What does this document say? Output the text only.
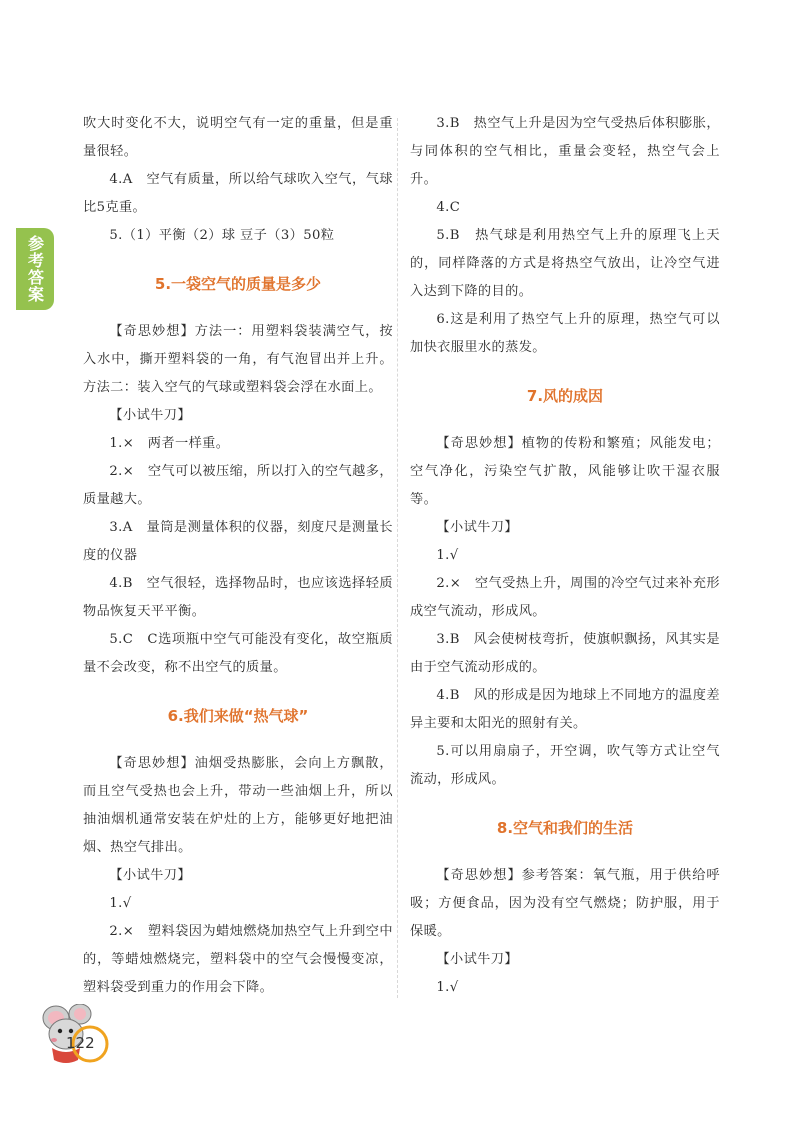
参考答案

吹大时变化不大，说明空气有一定的重量，但是重量很轻。

4.A　空气有质量，所以给气球吹入空气，气球比5克重。

5.（1）平衡（2）球 豆子（3）50粒

5.一袋空气的质量是多少

【奇思妙想】方法一：用塑料袋装满空气，按入水中，撕开塑料袋的一角，有气泡冒出并上升。方法二：装入空气的气球或塑料袋会浮在水面上。

【小试牛刀】

1.×　两者一样重。

2.×　空气可以被压缩，所以打入的空气越多，质量越大。

3.A　量筒是测量体积的仪器，刻度尺是测量长度的仪器

4.B　空气很轻，选择物品时，也应该选择轻质物品恢复天平平衡。

5.C　C选项瓶中空气可能没有变化，故空瓶质量不会改变，称不出空气的质量。

6.我们来做“热气球”

【奇思妙想】油烟受热膨胀，会向上方飘散，而且空气受热也会上升，带动一些油烟上升，所以抽油烟机通常安装在炉灶的上方，能够更好地把油烟、热空气排出。

【小试牛刀】

1.√

2.×　塑料袋因为蜡烛燃烧加热空气上升到空中的，等蜡烛燃烧完，塑料袋中的空气会慢慢变凉，塑料袋受到重力的作用会下降。

3.B　热空气上升是因为空气受热后体积膨胀，与同体积的空气相比，重量会变轻，热空气会上升。

4.C

5.B　热气球是利用热空气上升的原理飞上天的，同样降落的方式是将热空气放出，让冷空气进入达到下降的目的。

6.这是利用了热空气上升的原理，热空气可以加快衣服里水的蒸发。

7.风的成因

【奇思妙想】植物的传粉和繁殖；风能发电；空气净化，污染空气扩散，风能够让吹干湿衣服等。

【小试牛刀】

1.√

2.×　空气受热上升，周围的冷空气过来补充形成空气流动，形成风。

3.B　风会使树枝弯折，使旗帜飘扬，风其实是由于空气流动形成的。

4.B　风的形成是因为地球上不同地方的温度差异主要和太阳光的照射有关。

5.可以用扇扇子，开空调，吹气等方式让空气流动，形成风。

8.空气和我们的生活

【奇思妙想】参考答案：氧气瓶，用于供给呼吸；方便食品，因为没有空气燃烧；防护服，用于保暖。

【小试牛刀】

1.√

122
